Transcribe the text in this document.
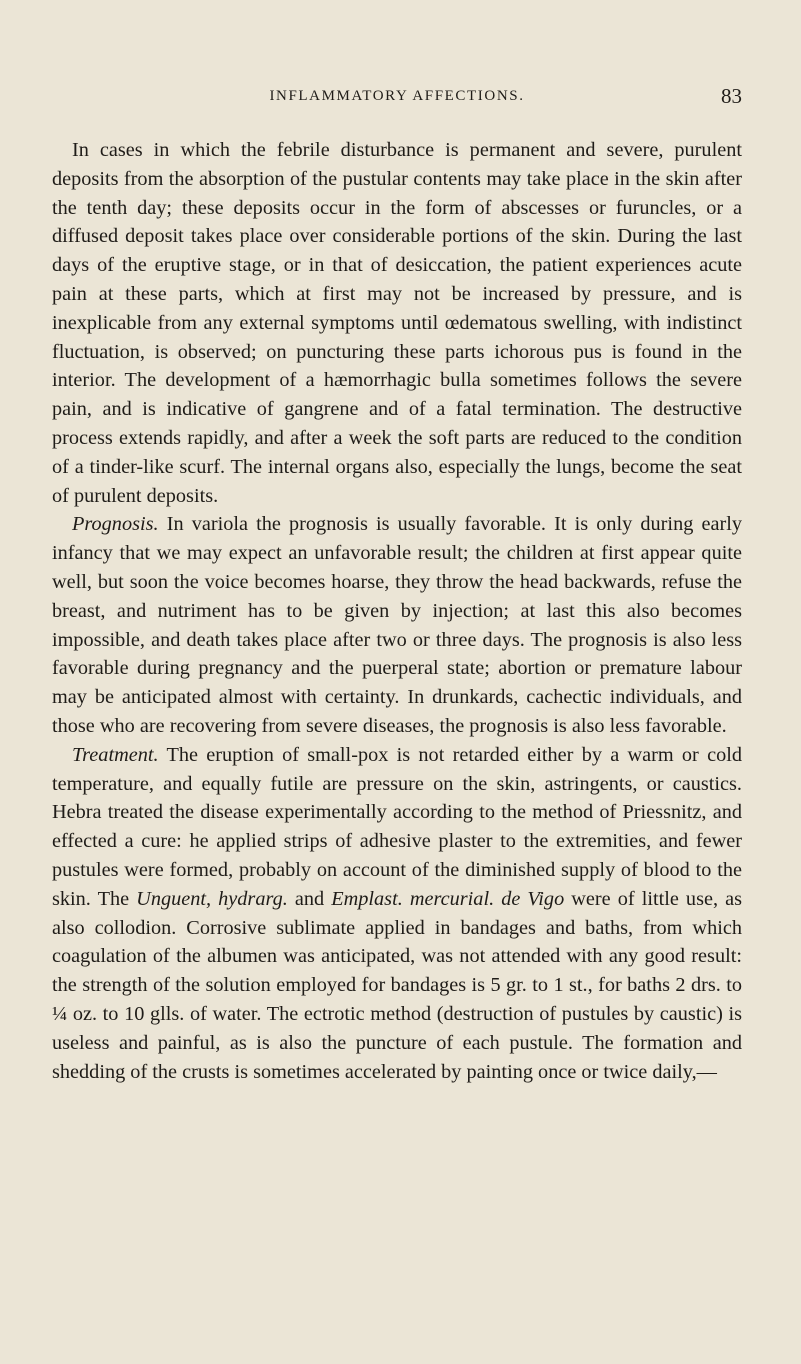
INFLAMMATORY AFFECTIONS.	83

In cases in which the febrile disturbance is permanent and severe, purulent deposits from the absorption of the pustular contents may take place in the skin after the tenth day; these deposits occur in the form of abscesses or furuncles, or a diffused deposit takes place over considerable portions of the skin. During the last days of the eruptive stage, or in that of desiccation, the patient experiences acute pain at these parts, which at first may not be increased by pressure, and is inexplicable from any external symptoms until œdematous swelling, with indistinct fluctuation, is observed; on puncturing these parts ichorous pus is found in the interior. The development of a hæmorrhagic bulla sometimes follows the severe pain, and is indicative of gangrene and of a fatal termination. The destructive process extends rapidly, and after a week the soft parts are reduced to the condition of a tinder-like scurf. The internal organs also, especially the lungs, become the seat of purulent deposits.

Prognosis. In variola the prognosis is usually favorable. It is only during early infancy that we may expect an unfavorable result; the children at first appear quite well, but soon the voice becomes hoarse, they throw the head backwards, refuse the breast, and nutriment has to be given by injection; at last this also becomes impossible, and death takes place after two or three days. The prognosis is also less favorable during pregnancy and the puerperal state; abortion or premature labour may be anticipated almost with certainty. In drunkards, cachectic individuals, and those who are recovering from severe diseases, the prognosis is also less favorable.

Treatment. The eruption of small-pox is not retarded either by a warm or cold temperature, and equally futile are pressure on the skin, astringents, or caustics. Hebra treated the disease experimentally according to the method of Priessnitz, and effected a cure: he applied strips of adhesive plaster to the extremities, and fewer pustules were formed, probably on account of the diminished supply of blood to the skin. The Unguent, hydrarg. and Emplast. mercurial. de Vigo were of little use, as also collodion. Corrosive sublimate applied in bandages and baths, from which coagulation of the albumen was anticipated, was not attended with any good result: the strength of the solution employed for bandages is 5 gr. to 1 st., for baths 2 drs. to ¼ oz. to 10 glls. of water. The ectrotic method (destruction of pustules by caustic) is useless and painful, as is also the puncture of each pustule. The formation and shedding of the crusts is sometimes accelerated by painting once or twice daily,—
